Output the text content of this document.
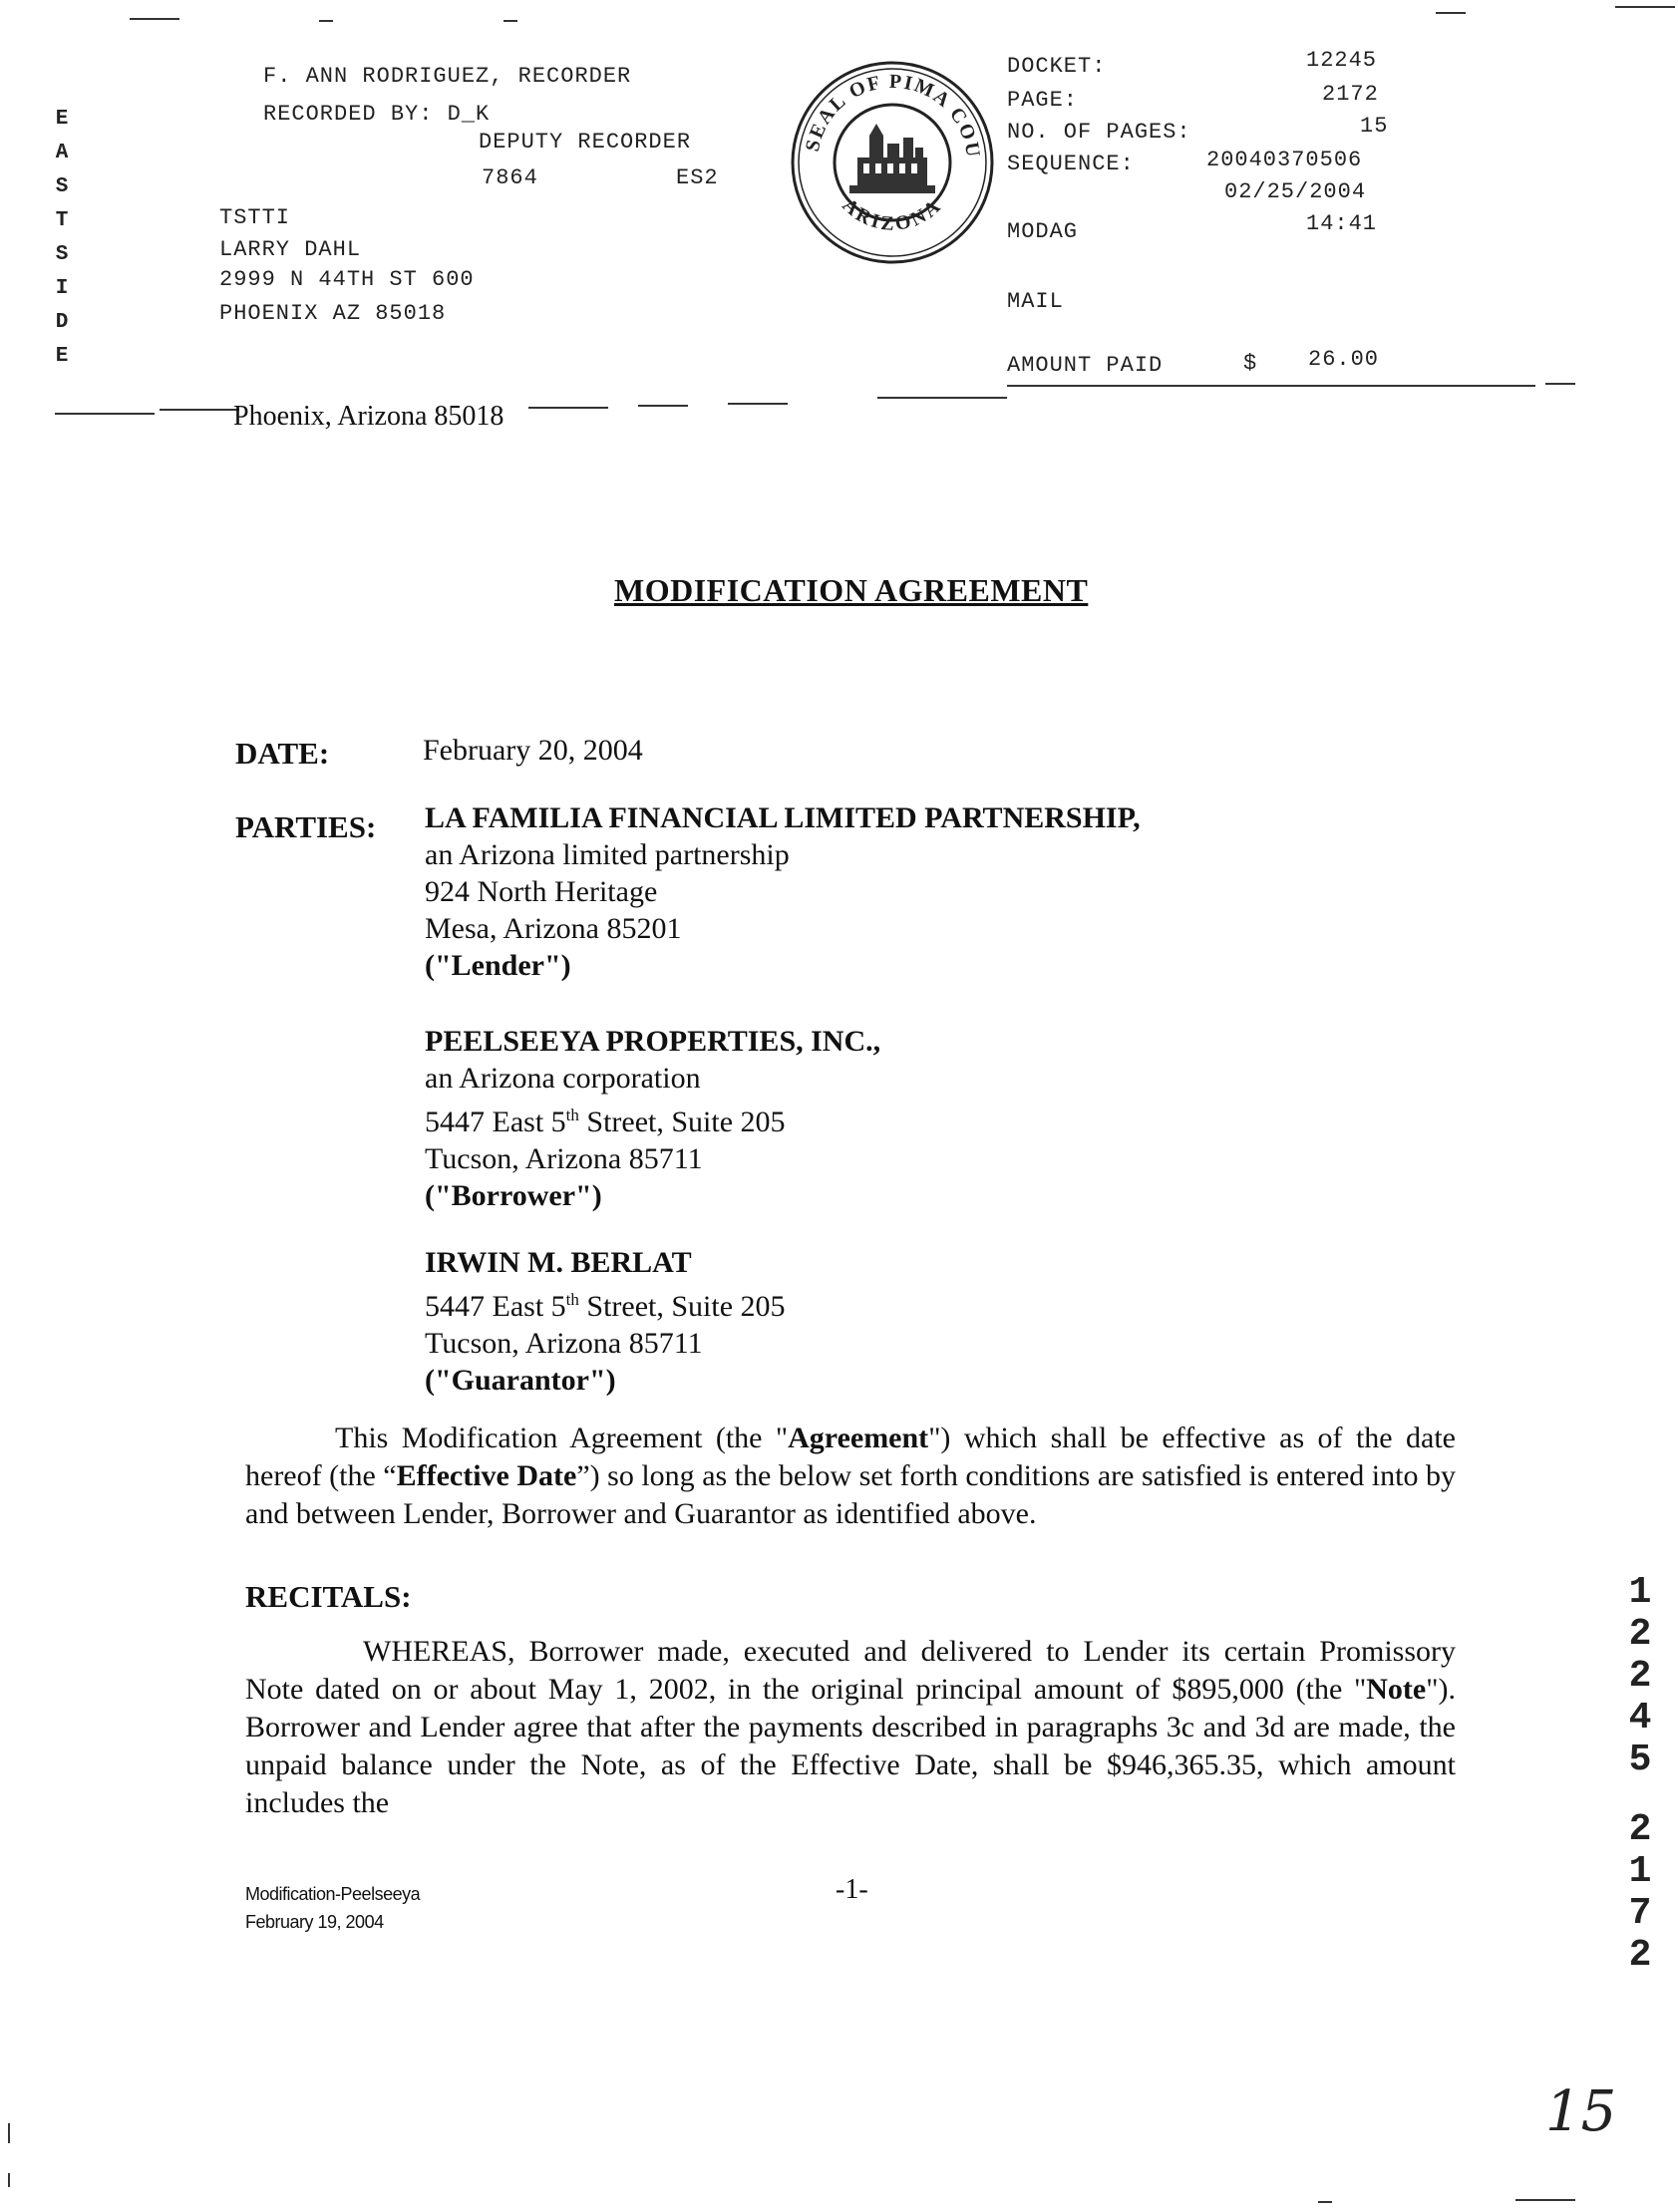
E
A
S
T
S
I
D
E
F. ANN RODRIGUEZ, RECORDER
RECORDED BY: D_K
DEPUTY RECORDER
7864	ES2
TSTTI
LARRY DAHL
2999 N 44TH ST 600
PHOENIX AZ 85018
SEAL OF PIMA COU
ARIZONA
DOCKET:	12245
PAGE:	2172
NO. OF PAGES:	15
SEQUENCE:	20040370506
02/25/2004
MODAG	14:41
MAIL
AMOUNT PAID	$ 26.00
Phoenix, Arizona 85018
MODIFICATION AGREEMENT
DATE:	February 20, 2004
PARTIES: LA FAMILIA FINANCIAL LIMITED PARTNERSHIP,
an Arizona limited partnership
924 North Heritage
Mesa, Arizona 85201
("Lender")
PEELSEEYA PROPERTIES, INC.,
an Arizona corporation
5447 East 5th Street, Suite 205
Tucson, Arizona 85711
("Borrower")
IRWIN M. BERLAT
5447 East 5th Street, Suite 205
Tucson, Arizona 85711
("Guarantor")
This Modification Agreement (the "Agreement") which shall be effective as of the date hereof (the “Effective Date”) so long as the below set forth conditions are satisfied is entered into by and between Lender, Borrower and Guarantor as identified above.
RECITALS:
WHEREAS, Borrower made, executed and delivered to Lender its certain Promissory Note dated on or about May 1, 2002, in the original principal amount of $895,000 (the "Note"). Borrower and Lender agree that after the payments described in paragraphs 3c and 3d are made, the unpaid balance under the Note, as of the Effective Date, shall be $946,365.35, which amount includes the
Modification-Peelseeya
February 19, 2004
-1-
1
2
2
4
5
2
1
7
2
15
